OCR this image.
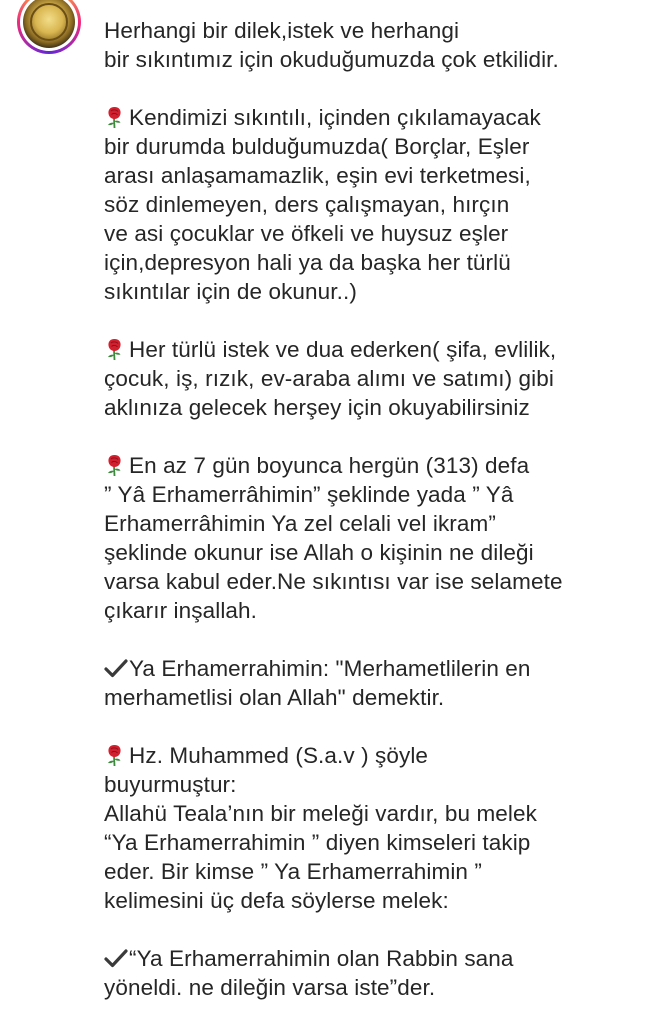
Herhangi bir dilek,istek ve herhangi
bir sıkıntımız için okuduğumuzda çok etkilidir.

Kendimizi sıkıntılı, içinden çıkılamayacak
bir durumda bulduğumuzda( Borçlar, Eşler
arası anlaşamamazlik, eşin evi terketmesi,
söz dinlemeyen, ders çalışmayan, hırçın
ve asi çocuklar ve öfkeli ve huysuz eşler
için,depresyon hali ya da başka her türlü
sıkıntılar için de okunur..)

Her türlü istek ve dua ederken( şifa, evlilik,
çocuk, iş, rızık, ev-araba alımı ve satımı) gibi
aklınıza gelecek herşey için okuyabilirsiniz

En az 7 gün boyunca hergün (313) defa
” Yâ Erhamerrâhimin” şeklinde yada ” Yâ
Erhamerrâhimin Ya zel celali vel ikram”
şeklinde okunur ise Allah o kişinin ne dileği
varsa kabul eder.Ne sıkıntısı var ise selamete
çıkarır inşallah.

Ya Erhamerrahimin: "Merhametlilerin en
merhametlisi olan Allah" demektir.

Hz. Muhammed (S.a.v ) şöyle
buyurmuştur:
Allahü Teala’nın bir meleği vardır, bu melek
“Ya Erhamerrahimin ” diyen kimseleri takip
eder. Bir kimse ” Ya Erhamerrahimin ”
kelimesini üç defa söylerse melek:

“Ya Erhamerrahimin olan Rabbin sana
yöneldi. ne dileğin varsa iste”der.
